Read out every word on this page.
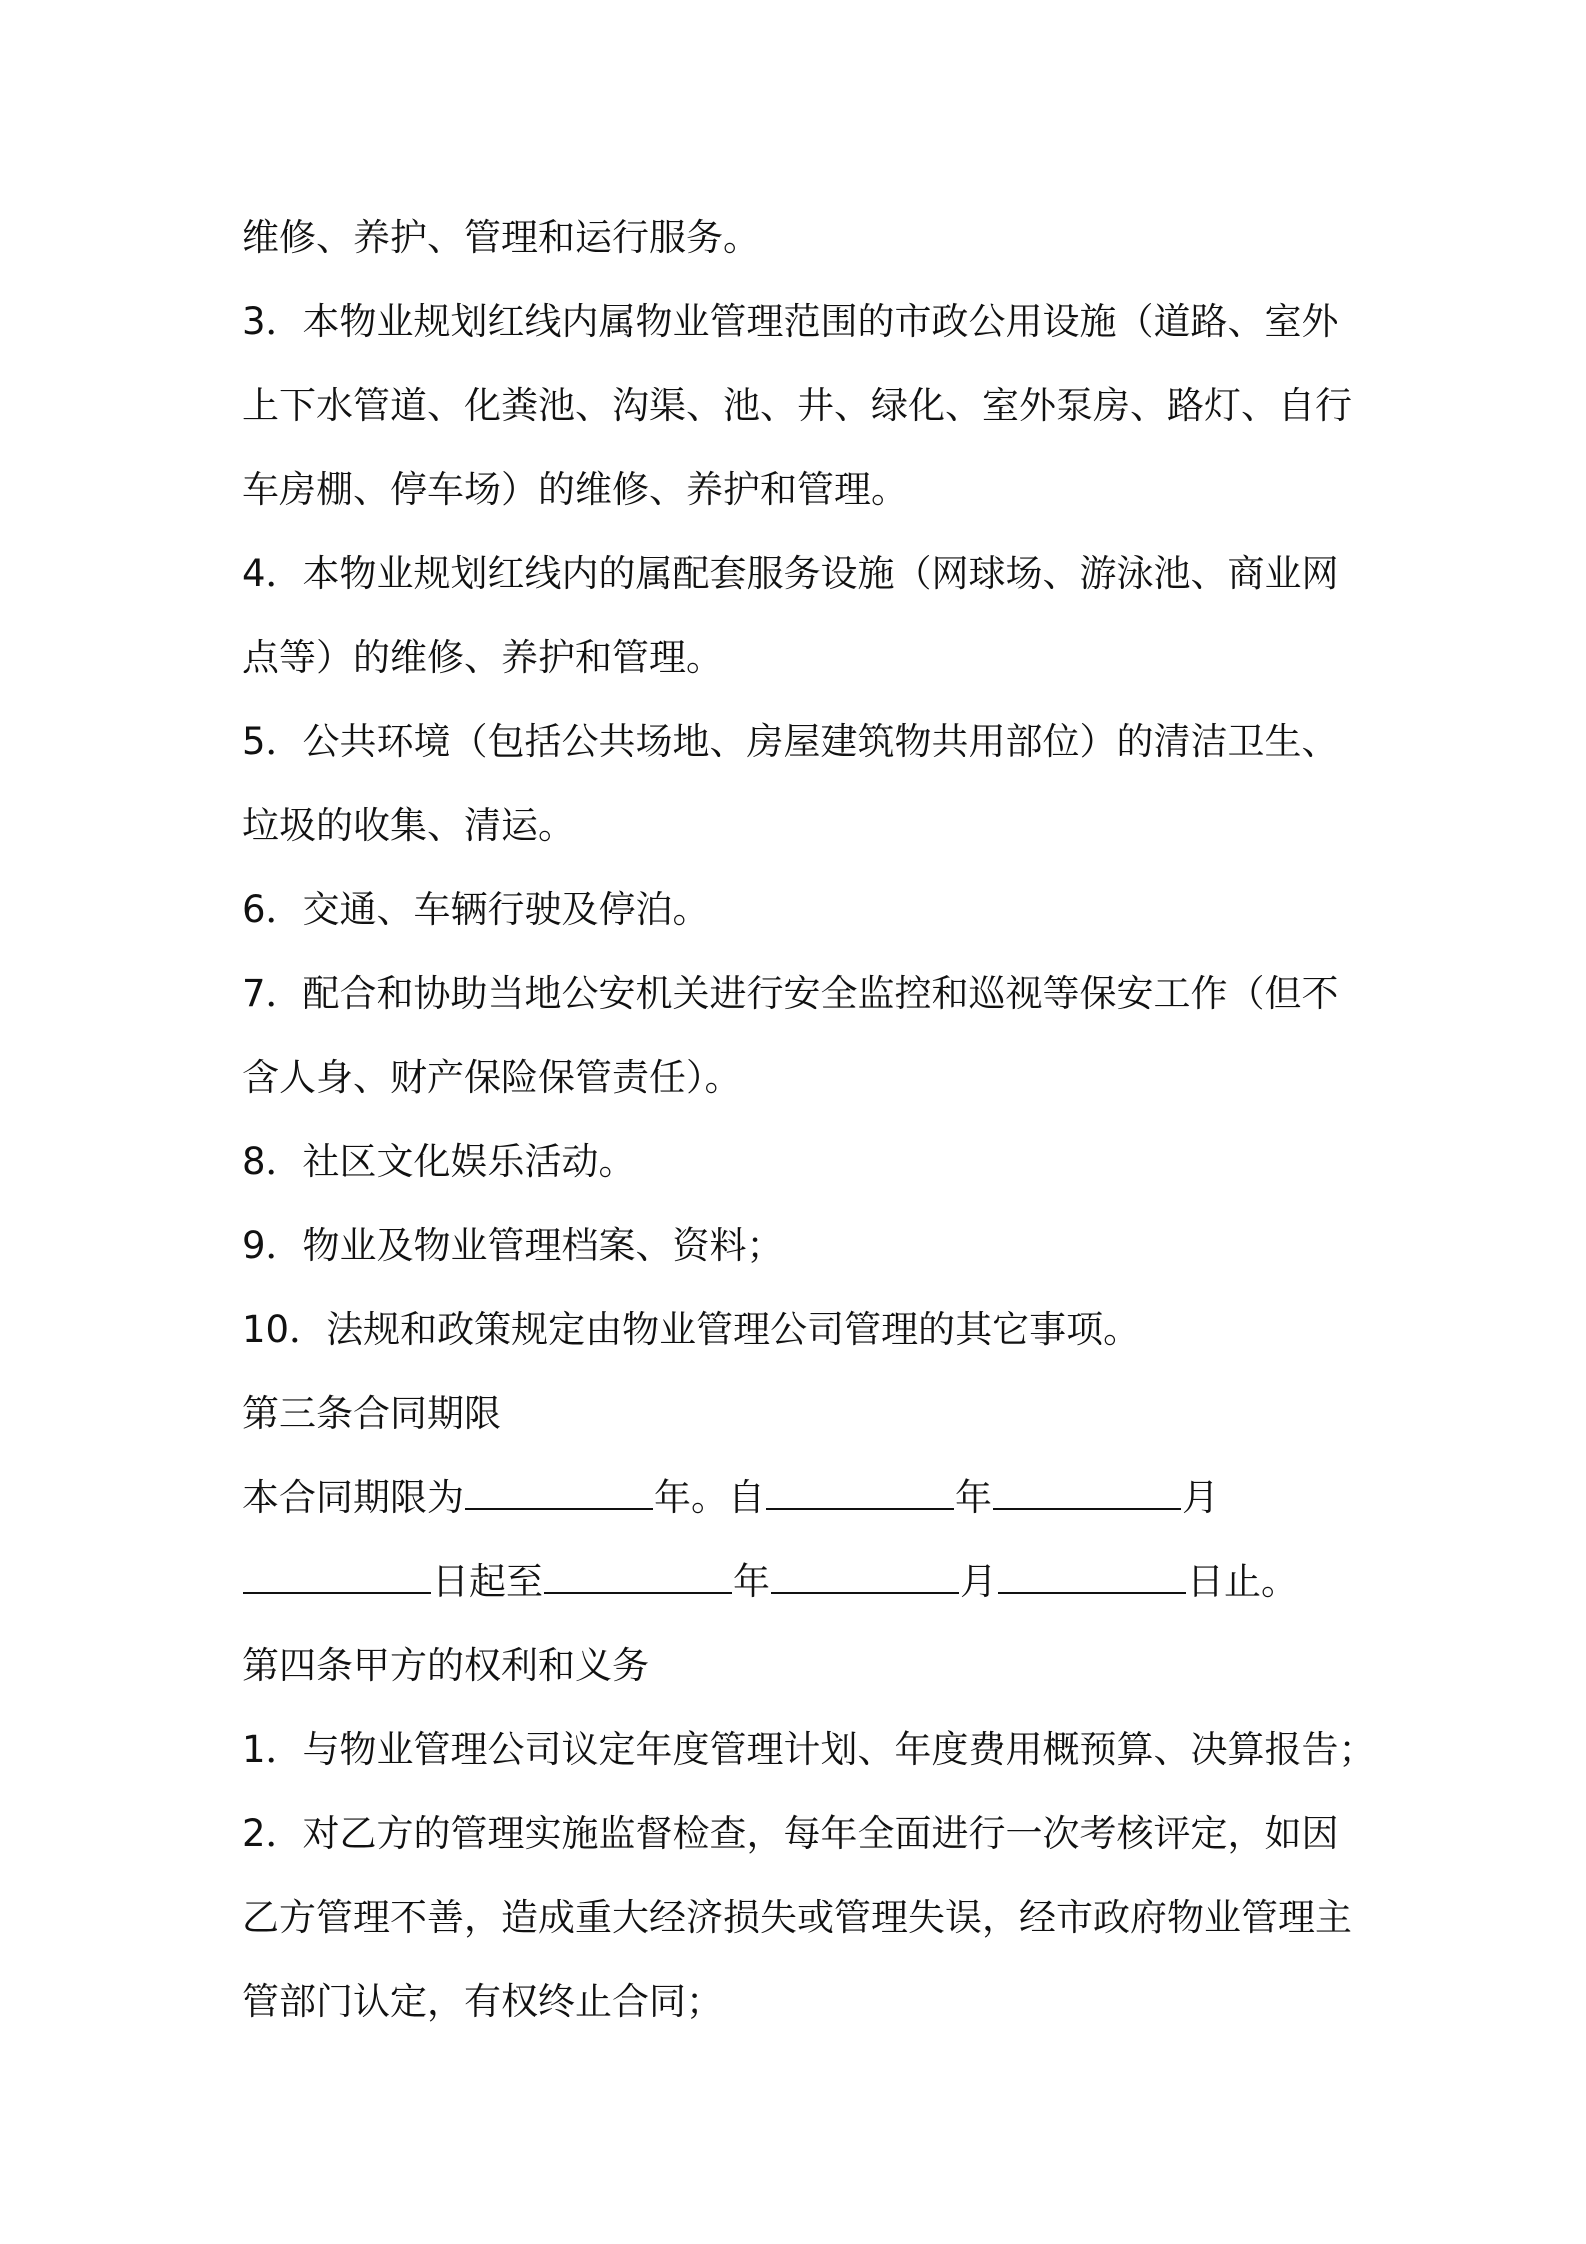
维修、养护、管理和运行服务。
3．本物业规划红线内属物业管理范围的市政公用设施（道路、室外
上下水管道、化粪池、沟渠、池、井、绿化、室外泵房、路灯、自行
车房棚、停车场）的维修、养护和管理。
4．本物业规划红线内的属配套服务设施（网球场、游泳池、商业网
点等）的维修、养护和管理。
5．公共环境（包括公共场地、房屋建筑物共用部位）的清洁卫生、
垃圾的收集、清运。
6．交通、车辆行驶及停泊。
7．配合和协助当地公安机关进行安全监控和巡视等保安工作（但不
含人身、财产保险保管责任）。
8．社区文化娱乐活动。
9．物业及物业管理档案、资料；
10．法规和政策规定由物业管理公司管理的其它事项。
第三条合同期限
本合同期限为	年。自	年	月
日起至	年	月	日止。
第四条甲方的权利和义务
1．与物业管理公司议定年度管理计划、年度费用概预算、决算报告；
2．对乙方的管理实施监督检查，每年全面进行一次考核评定，如因
乙方管理不善，造成重大经济损失或管理失误，经市政府物业管理主
管部门认定，有权终止合同；
